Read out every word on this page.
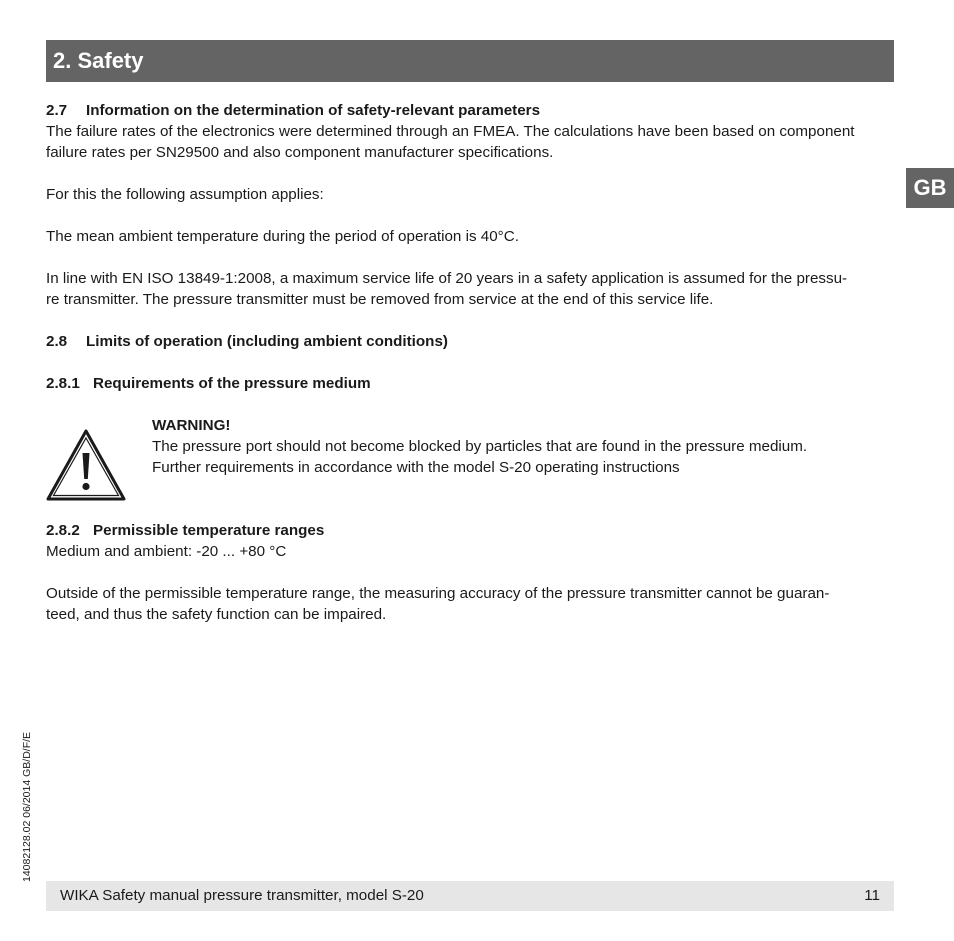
2. Safety
GB

2.7 Information on the determination of safety-relevant parameters

The failure rates of the electronics were determined through an FMEA. The calculations have been based on component

failure rates per SN29500 and also component manufacturer specifications.

For this the following assumption applies:

The mean ambient temperature during the period of operation is 40°C.

In line with EN ISO 13849-1:2008, a maximum service life of 20 years in a safety application is assumed for the pressu-

re transmitter. The pressure transmitter must be removed from service at the end of this service life.

2.8 Limits of operation (including ambient conditions)

2.8.1 Requirements of the pressure medium

WARNING!

The pressure port should not become blocked by particles that are found in the pressure medium.

Further requirements in accordance with the model S-20 operating instructions

2.8.2 Permissible temperature ranges

Medium and ambient: -20 ... +80 °C

Outside of the permissible temperature range, the measuring accuracy of the pressure transmitter cannot be guaran-

teed, and thus the safety function can be impaired.

14082128.02 06/2014 GB/D/F/E
WIKA Safety manual pressure transmitter, model S-20	11
